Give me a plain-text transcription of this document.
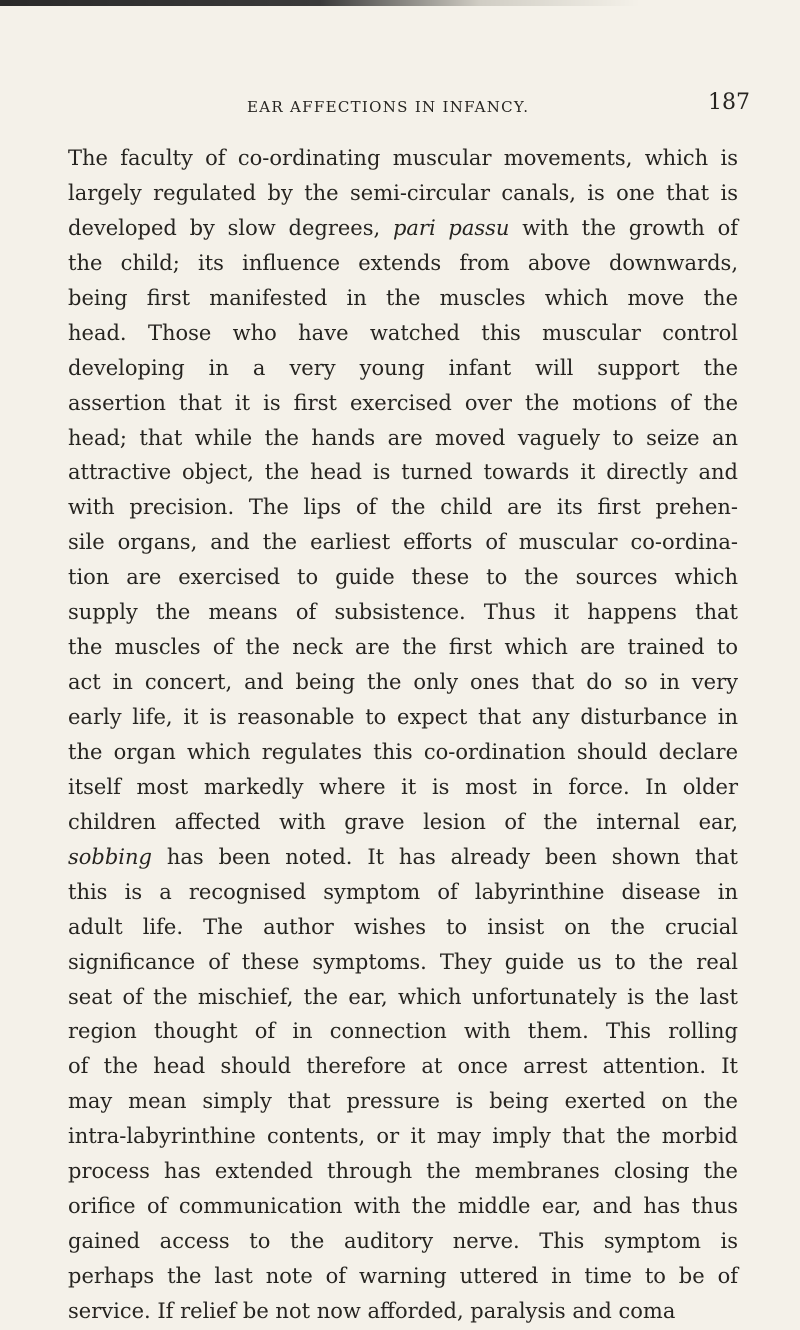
EAR AFFECTIONS IN INFANCY.	187
The faculty of co-ordinating muscular movements, which is
largely regulated by the semi-circular canals, is one that is
developed by slow degrees, pari passu with the growth of
the child; its influence extends from above downwards,
being first manifested in the muscles which move the
head. Those who have watched this muscular control
developing in a very young infant will support the
assertion that it is first exercised over the motions of the
head; that while the hands are moved vaguely to seize an
attractive object, the head is turned towards it directly and
with precision. The lips of the child are its first prehen-
sile organs, and the earliest efforts of muscular co-ordina-
tion are exercised to guide these to the sources which
supply the means of subsistence. Thus it happens that
the muscles of the neck are the first which are trained to
act in concert, and being the only ones that do so in very
early life, it is reasonable to expect that any disturbance in
the organ which regulates this co-ordination should declare
itself most markedly where it is most in force. In older
children affected with grave lesion of the internal ear,
sobbing has been noted. It has already been shown that
this is a recognised symptom of labyrinthine disease in
adult life. The author wishes to insist on the crucial
significance of these symptoms. They guide us to the real
seat of the mischief, the ear, which unfortunately is the last
region thought of in connection with them. This rolling
of the head should therefore at once arrest attention. It
may mean simply that pressure is being exerted on the
intra-labyrinthine contents, or it may imply that the morbid
process has extended through the membranes closing the
orifice of communication with the middle ear, and has thus
gained access to the auditory nerve. This symptom is
perhaps the last note of warning uttered in time to be of
service. If relief be not now afforded, paralysis and coma
